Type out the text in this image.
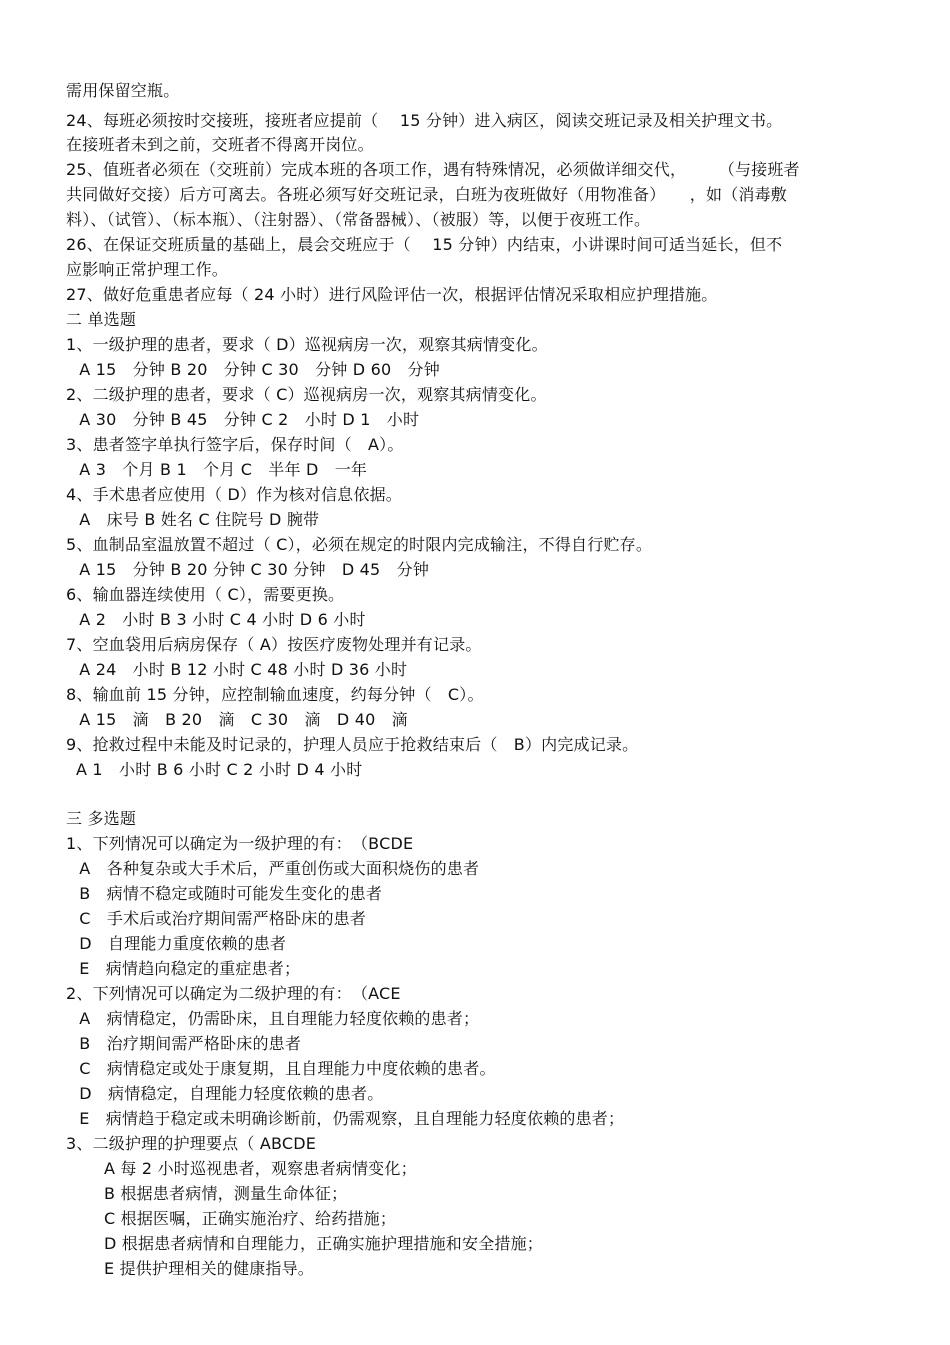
需用保留空瓶。
24、每班必须按时交接班，接班者应提前（　 15 分钟）进入病区，阅读交班记录及相关护理文书。
在接班者未到之前，交班者不得离开岗位。
25、值班者必须在（交班前）完成本班的各项工作，遇有特殊情况，必须做详细交代，　　　（与接班者
共同做好交接）后方可离去。各班必须写好交班记录，白班为夜班做好（用物准备）　　，如（消毒敷
料）、（试管）、（标本瓶）、（注射器）、（常备器械）、（被服）等，以便于夜班工作。
26、在保证交班质量的基础上，晨会交班应于（　 15 分钟）内结束，小讲课时间可适当延长，但不
应影响正常护理工作。
27、做好危重患者应每（ 24 小时）进行风险评估一次，根据评估情况采取相应护理措施。
二 单选题
1、一级护理的患者，要求（ D）巡视病房一次，观察其病情变化。
A 15　分钟 B 20　分钟 C 30　分钟 D 60　分钟
2、二级护理的患者，要求（ C）巡视病房一次，观察其病情变化。
A 30　分钟 B 45　分钟 C 2　小时 D 1　小时
3、患者签字单执行签字后，保存时间（　A）。
A 3　个月 B 1　个月 C　半年 D　一年
4、手术患者应使用（ D）作为核对信息依据。
A　床号 B 姓名 C 住院号 D 腕带
5、血制品室温放置不超过（ C），必须在规定的时限内完成输注，不得自行贮存。
A 15　分钟 B 20 分钟 C 30 分钟　D 45　分钟
6、输血器连续使用（ C），需要更换。
A 2　小时 B 3 小时 C 4 小时 D 6 小时
7、空血袋用后病房保存（ A）按医疗废物处理并有记录。
A 24　小时 B 12 小时 C 48 小时 D 36 小时
8、输血前 15 分钟，应控制输血速度，约每分钟（　C）。
A 15　滴　B 20　滴　C 30　滴　D 40　滴
9、抢救过程中未能及时记录的，护理人员应于抢救结束后（　B）内完成记录。
A 1　小时 B 6 小时 C 2 小时 D 4 小时
三 多选题
1、下列情况可以确定为一级护理的有：　（BCDE
A　各种复杂或大手术后，严重创伤或大面积烧伤的患者
B　病情不稳定或随时可能发生变化的患者
C　手术后或治疗期间需严格卧床的患者
D　自理能力重度依赖的患者
E　病情趋向稳定的重症患者；
2、下列情况可以确定为二级护理的有：　（ACE
A　病情稳定，仍需卧床，且自理能力轻度依赖的患者；
B　治疗期间需严格卧床的患者
C　病情稳定或处于康复期，且自理能力中度依赖的患者。
D　病情稳定，自理能力轻度依赖的患者。
E　病情趋于稳定或未明确诊断前，仍需观察，且自理能力轻度依赖的患者；
3、二级护理的护理要点（ ABCDE
A 每 2 小时巡视患者，观察患者病情变化；
B 根据患者病情，测量生命体征；
C 根据医嘱，正确实施治疗、给药措施；
D 根据患者病情和自理能力，正确实施护理措施和安全措施；
E 提供护理相关的健康指导。
